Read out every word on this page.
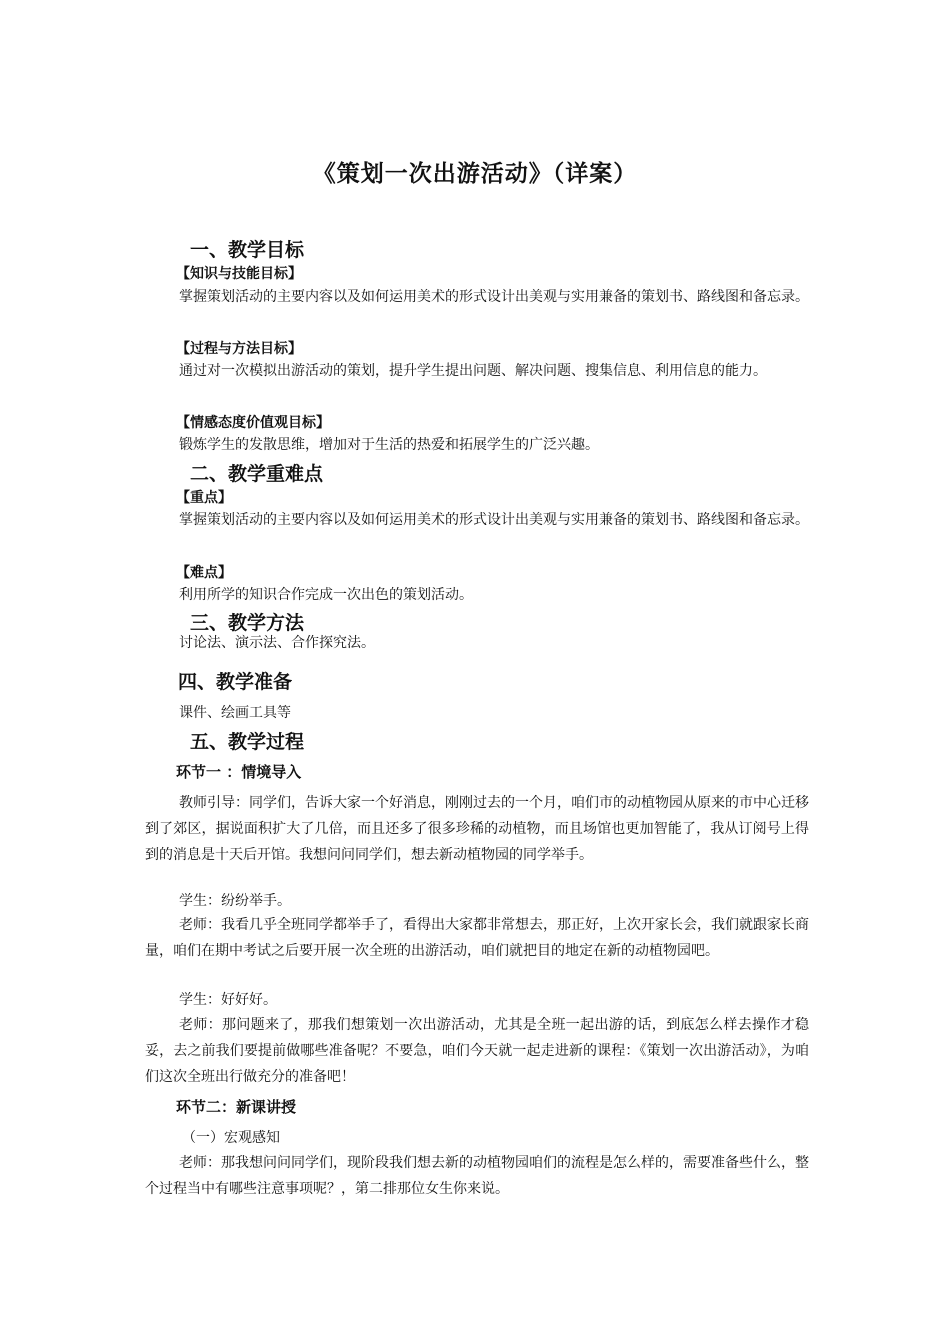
《策划一次出游活动》（详案）
一、教学目标
【知识与技能目标】
掌握策划活动的主要内容以及如何运用美术的形式设计出美观与实用兼备的策划书、路线图和备忘录。
【过程与方法目标】
通过对一次模拟出游活动的策划，提升学生提出问题、解决问题、搜集信息、利用信息的能力。
【情感态度价值观目标】
锻炼学生的发散思维，增加对于生活的热爱和拓展学生的广泛兴趣。
二、教学重难点
【重点】
掌握策划活动的主要内容以及如何运用美术的形式设计出美观与实用兼备的策划书、路线图和备忘录。
【难点】
利用所学的知识合作完成一次出色的策划活动。
三、教学方法
讨论法、演示法、合作探究法。
四、教学准备
课件、绘画工具等
五、教学过程
环节一 ：情境导入
教师引导：同学们，告诉大家一个好消息，刚刚过去的一个月，咱们市的动植物园从原来的市中心迁移到了郊区，据说面积扩大了几倍，而且还多了很多珍稀的动植物，而且场馆也更加智能了，我从订阅号上得到的消息是十天后开馆。我想问问同学们，想去新动植物园的同学举手。
学生：纷纷举手。
老师：我看几乎全班同学都举手了，看得出大家都非常想去，那正好，上次开家长会，我们就跟家长商量，咱们在期中考试之后要开展一次全班的出游活动，咱们就把目的地定在新的动植物园吧。
学生：好好好。
老师：那问题来了，那我们想策划一次出游活动，尤其是全班一起出游的话，到底怎么样去操作才稳妥，去之前我们要提前做哪些准备呢？不要急，咱们今天就一起走进新的课程：《策划一次出游活动》，为咱们这次全班出行做充分的准备吧！
环节二：新课讲授
（一）宏观感知
老师：那我想问问同学们，现阶段我们想去新的动植物园咱们的流程是怎么样的，需要准备些什么，整个过程当中有哪些注意事项呢？，第二排那位女生你来说。
